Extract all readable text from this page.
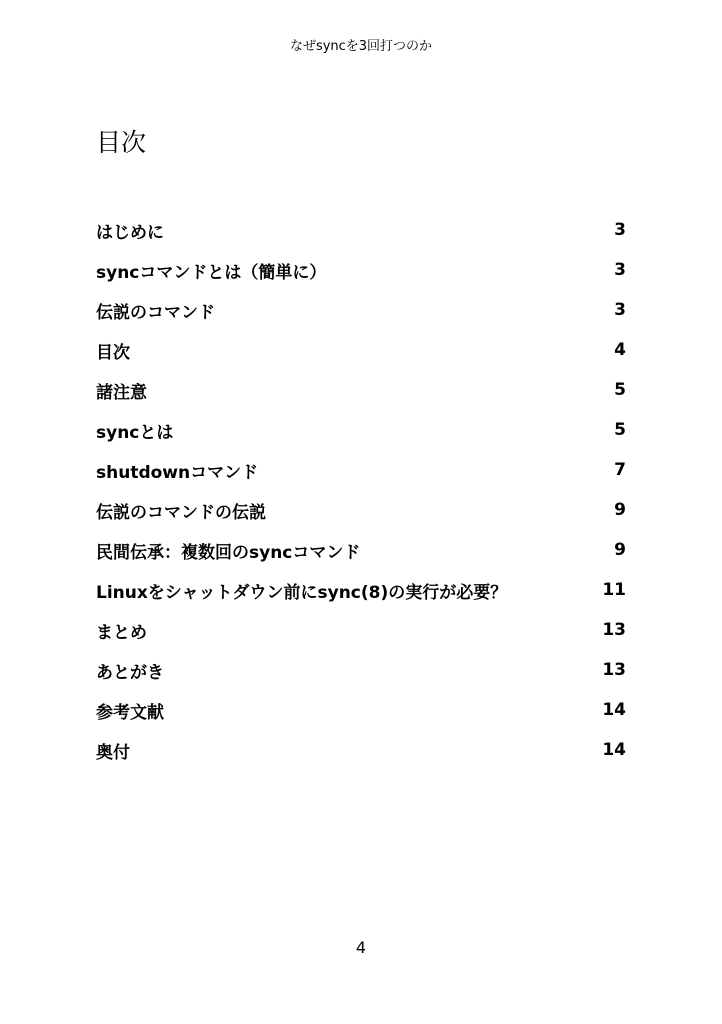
なぜsyncを3回打つのか
目次
はじめに	3
syncコマンドとは（簡単に）	3
伝説のコマンド	3
目次	4
諸注意	5
syncとは	5
shutdownコマンド	7
伝説のコマンドの伝説	9
民間伝承：複数回のsyncコマンド	9
Linuxをシャットダウン前にsync(8)の実行が必要？	11
まとめ	13
あとがき	13
参考文献	14
奥付	14
4
